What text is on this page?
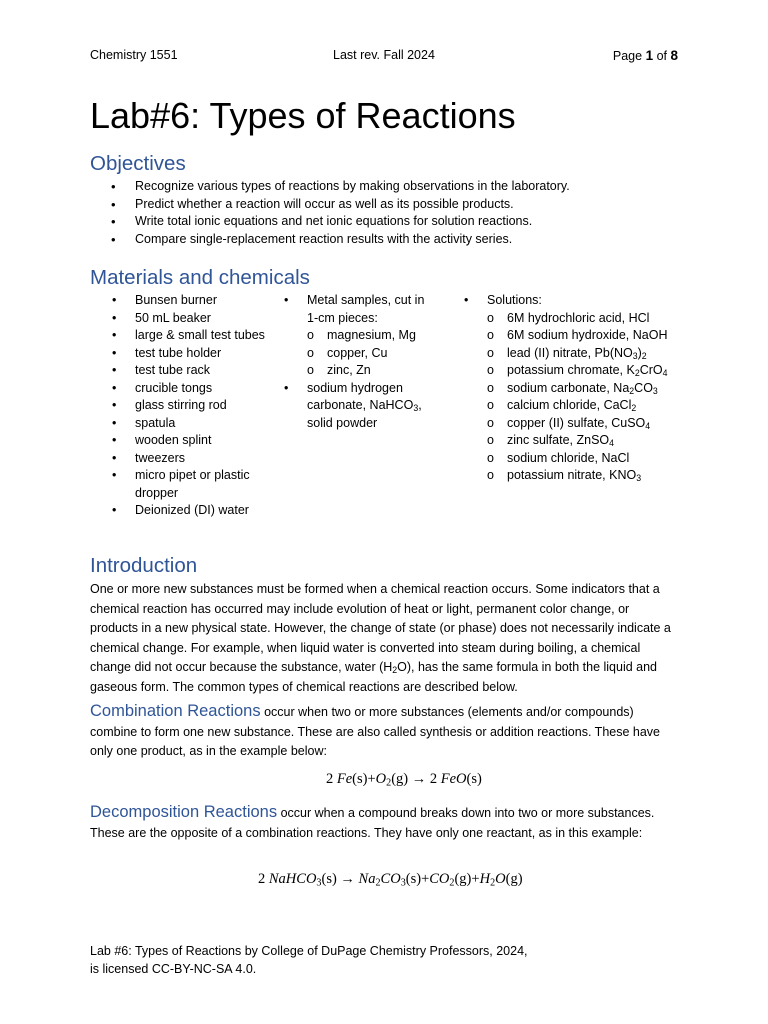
Chemistry 1551	Last rev. Fall 2024	Page 1 of 8
Lab#6: Types of Reactions
Objectives
• Recognize various types of reactions by making observations in the laboratory.
• Predict whether a reaction will occur as well as its possible products.
• Write total ionic equations and net ionic equations for solution reactions.
• Compare single-replacement reaction results with the activity series.
Materials and chemicals
• Bunsen burner
• 50 mL beaker
• large & small test tubes
• test tube holder
• test tube rack
• crucible tongs
• glass stirring rod
• spatula
• wooden splint
• tweezers
• micro pipet or plastic dropper
• Deionized (DI) water
• Metal samples, cut in 1-cm pieces:
o magnesium, Mg
o copper, Cu
o zinc, Zn
• sodium hydrogen carbonate, NaHCO$_3$, solid powder
• Solutions:
o 6M hydrochloric acid, HCl
o 6M sodium hydroxide, NaOH
o lead (II) nitrate, $Pb(NO_3)_2$
o potassium chromate, $K_2CrO_4$
o sodium carbonate, $Na_2CO_3$
o calcium chloride, CaCl$_2$
o copper (II) sulfate, CuSO$_4$
o zinc sulfate, ZnSO$_4$
o sodium chloride, NaCl
o potassium nitrate, $KNO_3$
Introduction

One or more new substances must be formed when a chemical reaction occurs. Some indicators that a chemical reaction has occurred may include evolution of heat or light, permanent color change, or products in a new physical state. However, the change of state (or phase) does not necessarily indicate a chemical change. For example, when liquid water is converted into steam during boiling, a chemical change did not occur because the substance, water $(H_2O)$, has the same formula in both the liquid and gaseous form. The common types of chemical reactions are described below.

Combination Reactions occur when two or more substances (elements and/or compounds) combine to form one new substance. These are also called synthesis or addition reactions. These have only one product, as in the example below:

2 $Fe(s)+O_2(g) \to 2$ FeO(s)

Decomposition Reactions occur when a compound breaks down into two or more substances. These are the opposite of a combination reactions. They have only one reactant, as in this example:

2 NaHCO$_3$(s) → $Na_2CO_3(s)+CO_2(g)+H_2O(g)$
Lab #6: Types of Reactions by College of DuPage Chemistry Professors, 2024,
is licensed CC-BY-NC-SA 4.0.
